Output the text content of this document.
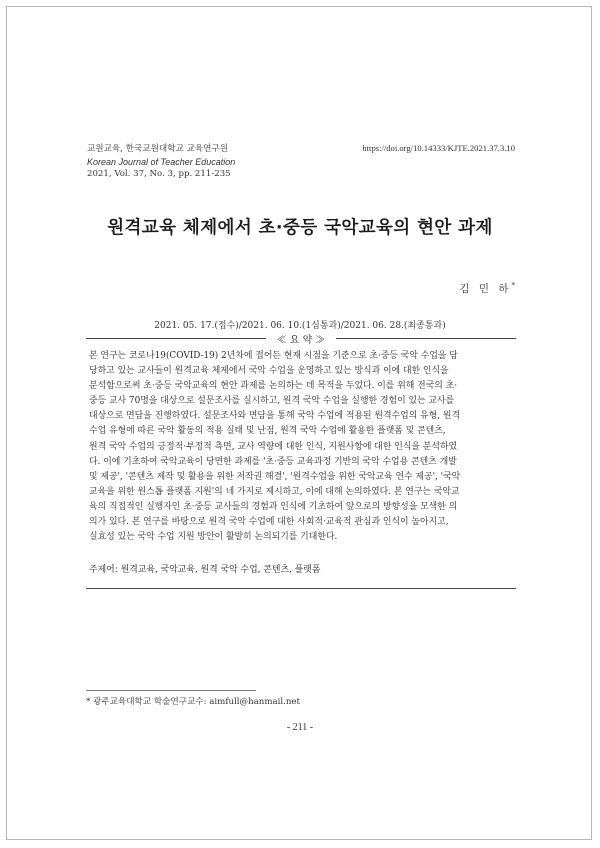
교원교육, 한국교원대학교 교육연구원
Korean Journal of Teacher Education
2021, Vol. 37, No. 3, pp. 211-235
https://doi.org/10.14333/KJTE.2021.37.3.10
원격교육 체제에서 초·중등 국악교육의 현안 과제
김 민 하*
2021. 05. 17.(접수)/2021. 06. 10.(1심통과)/2021. 06. 28.(최종통과)
≪ 요 약 ≫
본 연구는 코로나19(COVID-19) 2년차에 접어든 현재 시점을 기준으로 초·중등 국악 수업을 담
당하고 있는 교사들이 원격교육 체제에서 국악 수업을 운영하고 있는 방식과 이에 대한 인식을
분석함으로써 초·중등 국악교육의 현안 과제를 논의하는 데 목적을 두었다. 이를 위해 전국의 초·
중등 교사 70명을 대상으로 설문조사를 실시하고, 원격 국악 수업을 실행한 경험이 있는 교사를
대상으로 면담을 진행하였다. 설문조사와 면담을 통해 국악 수업에 적용된 원격수업의 유형, 원격
수업 유형에 따른 국악 활동의 적용 실태 및 난점, 원격 국악 수업에 활용한 플랫폼 및 콘텐츠,
원격 국악 수업의 긍정적·부정적 측면, 교사 역량에 대한 인식, 지원사항에 대한 인식을 분석하였
다. 이에 기초하여 국악교육이 당면한 과제를 '초·중등 교육과정 기반의 국악 수업용 콘텐츠 개발
및 제공', '콘텐츠 제작 및 활용을 위한 저작권 해결', '원격수업을 위한 국악교육 연수 제공', '국악
교육을 위한 원스톱 플랫폼 지원'의 네 가지로 제시하고, 이에 대해 논의하였다. 본 연구는 국악교
육의 직접적인 실행자인 초·중등 교사들의 경험과 인식에 기초하여 앞으로의 방향성을 모색한 의
의가 있다. 본 연구를 바탕으로 원격 국악 수업에 대한 사회적·교육적 관심과 인식이 높아지고,
실효성 있는 국악 수업 지원 방안이 활발히 논의되기를 기대한다.
주제어: 원격교육, 국악교육, 원격 국악 수업, 콘텐츠, 플랫폼
* 광주교육대학교 학술연구교수: aimfull@hanmail.net
- 211 -
